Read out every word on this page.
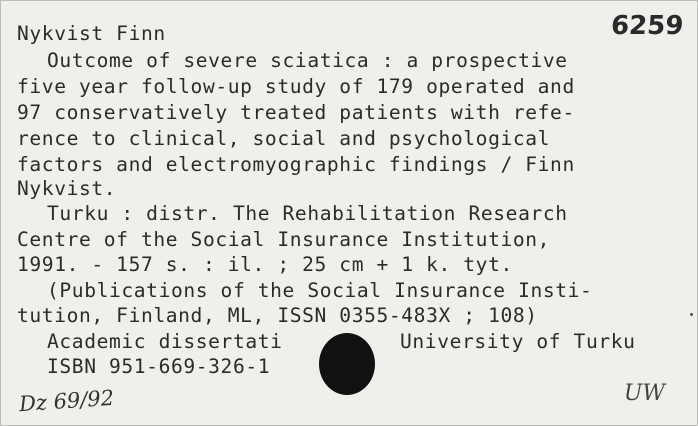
Nykvist Finn	6259
Outcome of severe sciatica : a prospective
five year follow-up study of 179 operated and
97 conservatively treated patients with refe-
rence to clinical, social and psychological
factors and electromyographic findings / Finn
Nykvist.
Turku : distr. The Rehabilitation Research
Centre of the Social Insurance Institution,
1991. - 157 s. : il. ; 25 cm + 1 k. tyt.
(Publications of the Social Insurance Insti-
tution, Finland, ML, ISSN 0355-483X ; 108)
Academic dissertati	University of Turku
ISBN 951-669-326-1
Dz 69/92	UW
